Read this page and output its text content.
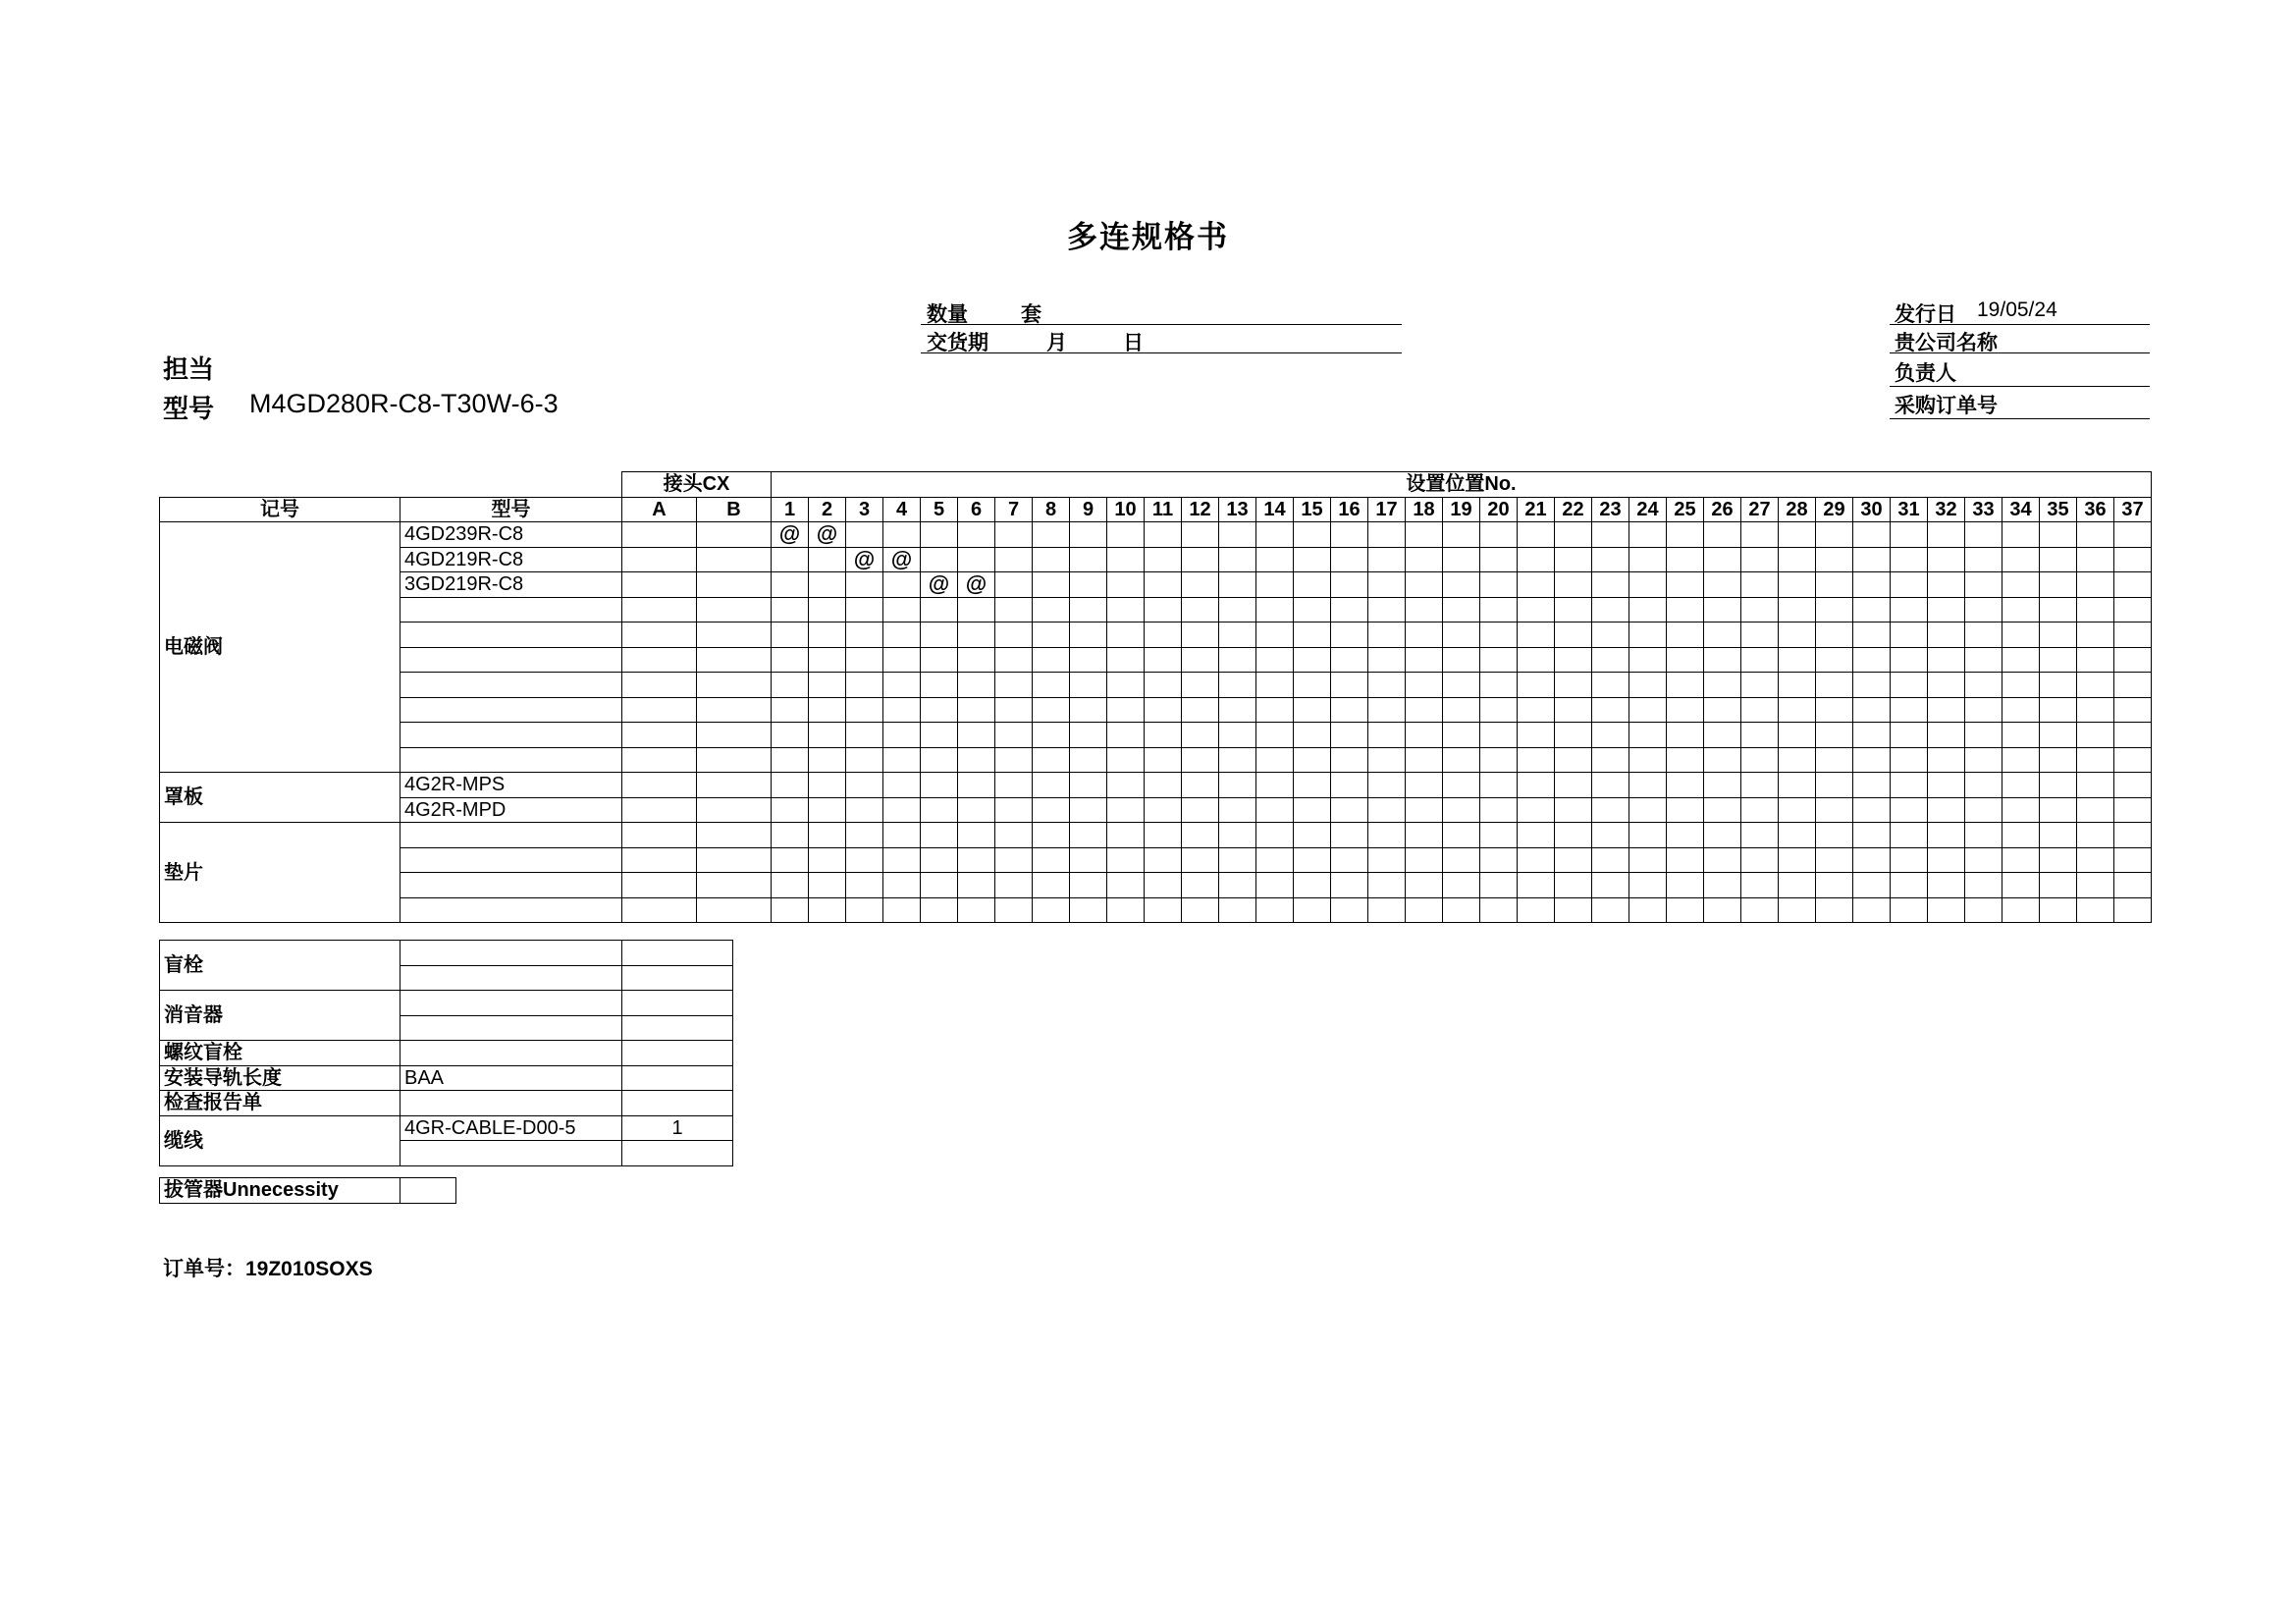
多连规格书
数量	套
交货期	月	日
发行日 19/05/24
贵公司名称
负责人
采购订单号
担当
型号 M4GD280R-C8-T30W-6-3
		接头CX		设置位置No.																																				
记号	型号	A	B	1	2	3	4	5	6	7	8	9	10	11	12	13	14	15	16	17	18	19	20	21	22	23	24	25	26	27	28	29	30	31	32	33	34	35	36	37
电磁阀	4GD239R-C8			@	@																																			
	4GD219R-C8					@	@																																	
	3GD219R-C8							@	@																															

罩板	4G2R-MPS																																							
	4G2R-MPD																																							
垫片																																								

盲栓		

消音器		

螺纹盲栓		
安装导轨长度	BAA	
检查报告单		
缆线	4GR-CABLE-D00-5	1

拔管器Unnecessity	
订单号：19Z010SOXS
